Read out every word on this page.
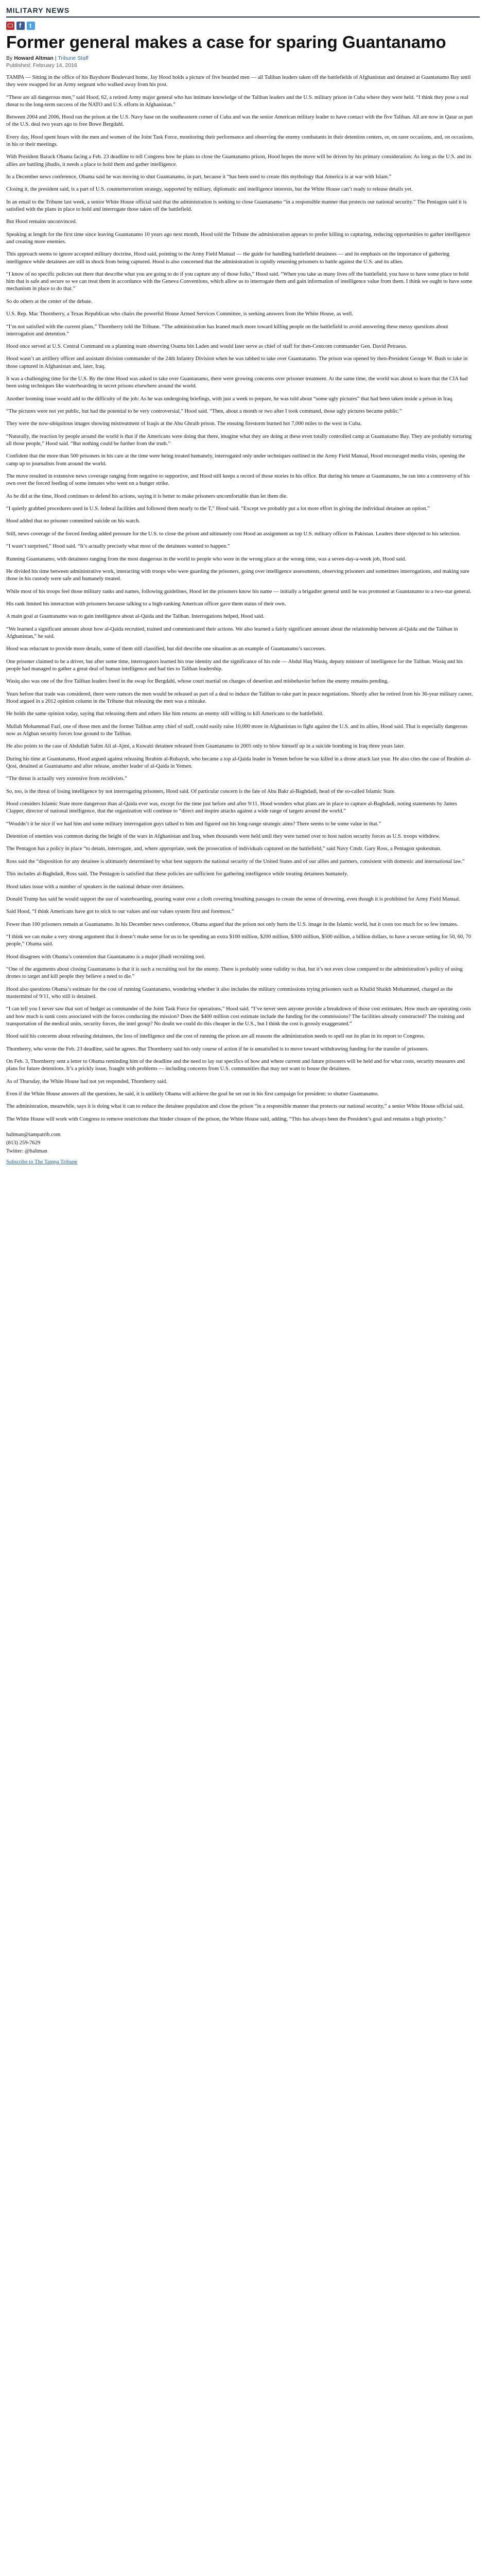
MILITARY NEWS
f
t
Former general makes a case for sparing Guantanamo
By Howard Altman | Tribune Staff
Published: February 14, 2016

TAMPA — Sitting in the office of his Bayshore Boulevard home, Jay Hood holds a picture of five bearded men — all Taliban leaders taken off the battlefields of Afghanistan and detained at Guantanamo Bay until they were swapped for an Army sergeant who walked away from his post.

“These are all dangerous men,” said Hood, 62, a retired Army major general who has intimate knowledge of the Taliban leaders and the U.S. military prison in Cuba where they were held. “I think they pose a real threat to the long-term success of the NATO and U.S. efforts in Afghanistan.”

Between 2004 and 2006, Hood ran the prison at the U.S. Navy base on the southeastern corner of Cuba and was the senior American military leader to have contact with the five Taliban. All are now in Qatar as part of the U.S. deal two years ago to free Bowe Bergdahl.

Every day, Hood spent hours with the men and women of the Joint Task Force, monitoring their performance and observing the enemy combatants in their detention centers, or, on rarer occasions, and, on occasions, in his or their meetings.

With President Barack Obama facing a Feb. 23 deadline to tell Congress how he plans to close the Guantanamo prison, Hood hopes the move will be driven by his primary consideration: As long as the U.S. and its allies are battling jihadis, it needs a place to hold them and gather intelligence.

In a December news conference, Obama said he was moving to shut Guantanamo, in part, because it “has been used to create this mythology that America is at war with Islam.”

Closing it, the president said, is a part of U.S. counterterrorism strategy, supported by military, diplomatic and intelligence interests, but the White House can’t ready to release details yet.

In an email to the Tribune last week, a senior White House official said that the administration is seeking to close Guantanamo “in a responsible manner that protects our national security.” The Pentagon said it is satisfied with the plans in place to hold and interrogate those taken off the battlefield.

But Hood remains unconvinced.

Speaking at length for the first time since leaving Guantanamo 10 years ago next month, Hood told the Tribune the administration appears to prefer killing to capturing, reducing opportunities to gather intelligence and creating more enemies.

This approach seems to ignore accepted military doctrine, Hood said, pointing to the Army Field Manual — the guide for handling battlefield detainees — and its emphasis on the importance of gathering intelligence while detainees are still in shock from being captured. Hood is also concerned that the administration is rapidly returning prisoners to battle against the U.S. and its allies.

“I know of no specific policies out there that describe what you are going to do if you capture any of those folks,” Hood said. “When you take as many lives off the battlefield, you have to have some place to hold him that is safe and secure so we can treat them in accordance with the Geneva Conventions, which allow us to interrogate them and gain information of intelligence value from them. I think we ought to have some mechanism in place to do that.”

So do others at the center of the debate.

U.S. Rep. Mac Thornberry, a Texas Republican who chairs the powerful House Armed Services Committee, is seeking answers from the White House, as well.

“I’m not satisfied with the current plans,” Thornberry told the Tribune. “The administration has leaned much more toward killing people on the battlefield to avoid answering these messy questions about interrogation and detention.”

Hood once served at U.S. Central Command on a planning team observing Osama bin Laden and would later serve as chief of staff for then-Centcom commander Gen. David Petraeus.

Hood wasn’t an artillery officer and assistant division commander of the 24th Infantry Division when he was tabbed to take over Guantanamo. The prison was opened by then-President George W. Bush to take in those captured in Afghanistan and, later, Iraq.

It was a challenging time for the U.S. By the time Hood was asked to take over Guantanamo, there were growing concerns over prisoner treatment. At the same time, the world was about to learn that the CIA had been using techniques like waterboarding in secret prisons elsewhere around the world.

Another looming issue would add to the difficulty of the job: As he was undergoing briefings, with just a week to prepare, he was told about “some ugly pictures” that had been taken inside a prison in Iraq.

“The pictures were not yet public, but had the potential to be very controversial,” Hood said. “Then, about a month or two after I took command, those ugly pictures became public.”

They were the now-ubiquitous images showing mistreatment of Iraqis at the Abu Ghraib prison. The ensuing firestorm burned hot 7,000 miles to the west in Cuba.

“Naturally, the reaction by people around the world is that if the Americans were doing that there, imagine what they are doing at these even totally controlled camp at Guantanamo Bay. They are probably torturing all those people,” Hood said. “But nothing could be further from the truth.”

Confident that the more than 500 prisoners in his care at the time were being treated humanely, interrogated only under techniques outlined in the Army Field Manual, Hood encouraged media visits, opening the camp up to journalists from around the world.

The move resulted in extensive news coverage ranging from negative to supportive, and Hood still keeps a record of those stories in his office. But during his tenure at Guantanamo, he ran into a controversy of his own over the forced feeding of some inmates who went on a hunger strike.

As he did at the time, Hood continues to defend his actions, saying it is better to make prisoners uncomfortable than let them die.

“I quietly grabbed procedures used in U.S. federal facilities and followed them nearly to the T,” Hood said. “Except we probably put a lot more effort in giving the individual detainee an option.”

Hood added that no prisoner committed suicide on his watch.

Still, news coverage of the forced feeding added pressure for the U.S. to close the prison and ultimately cost Hood an assignment as top U.S. military officer in Pakistan. Leaders there objected to his selection.

“I wasn’t surprised,” Hood said. “It’s actually precisely what most of the detainees wanted to happen.”

Running Guantanamo, with detainees ranging from the most dangerous in the world to people who were in the wrong place at the wrong time, was a seven-day-a-week job, Hood said.

He divided his time between administrative work, interacting with troops who were guarding the prisoners, going over intelligence assessments, observing prisoners and sometimes interrogations, and making sure those in his custody were safe and humanely treated.

While most of his troops feel those military ranks and names, following guidelines, Hood let the prisoners know his name — initially a brigadier general until he was promoted at Guantanamo to a two-star general.

His rank limited his interaction with prisoners because talking to a high-ranking American officer gave them status of their own.

A main goal at Guantanamo was to gain intelligence about al-Qaida and the Taliban. Interrogations helped, Hood said.

“We learned a significant amount about how al-Qaida recruited, trained and communicated their actions. We also learned a fairly significant amount about the relationship between al-Qaida and the Taliban in Afghanistan,” he said.

Hood was reluctant to provide more details, some of them still classified, but did describe one situation as an example of Guantanamo’s successes.

One prisoner claimed to be a driver, but after some time, interrogators learned his true identity and the significance of his role — Abdul Haq Wasiq, deputy minister of intelligence for the Taliban. Wasiq and his people had managed to gather a great deal of human intelligence and had ties to Taliban leadership.

Wasiq also was one of the five Taliban leaders freed in the swap for Bergdahl, whose court martial on charges of desertion and misbehavior before the enemy remains pending.

Years before that trade was considered, there were rumors the men would be released as part of a deal to induce the Taliban to take part in peace negotiations. Shortly after he retired from his 36-year military career, Hood argued in a 2012 opinion column in the Tribune that releasing the men was a mistake.

He holds the same opinion today, saying that releasing them and others like him returns an enemy still willing to kill Americans to the battlefield.

Mullah Mohammad Fazl, one of those men and the former Taliban army chief of staff, could easily raise 10,000 more in Afghanistan to fight against the U.S. and its allies, Hood said. That is especially dangerous now as Afghan security forces lose ground to the Taliban.

He also points to the case of Abdullah Salim Ali al-Ajmi, a Kuwaiti detainee released from Guantanamo in 2005 only to blow himself up in a suicide bombing in Iraq three years later.

During his time at Guantanamo, Hood argued against releasing Ibrahim al-Rubaysh, who became a top al-Qaida leader in Yemen before he was killed in a drone attack last year. He also cites the case of Ibrahim al-Qosi, detained at Guantanamo and after release, another leader of al-Qaida in Yemen.

“The threat is actually very extensive from recidivists.”

So, too, is the threat of losing intelligence by not interrogating prisoners, Hood said. Of particular concern is the fate of Abu Bakr al-Baghdadi, head of the so-called Islamic State.

Hood considers Islamic State more dangerous than al-Qaida ever was, except for the time just before and after 9/11. Hood wonders what plans are in place to capture al-Baghdadi, noting statements by James Clapper, director of national intelligence, that the organization will continue to “direct and inspire attacks against a wide range of targets around the world.”

“Wouldn’t it be nice if we had him and some military interrogation guys talked to him and figured out his long-range strategic aims? There seems to be some value in that.”

Detention of enemies was common during the height of the wars in Afghanistan and Iraq, when thousands were held until they were turned over to host nation security forces as U.S. troops withdrew.

The Pentagon has a policy in place “to detain, interrogate, and, where appropriate, seek the prosecution of individuals captured on the battlefield,” said Navy Cmdr. Gary Ross, a Pentagon spokesman.

Ross said the “disposition for any detainee is ultimately determined by what best supports the national security of the United States and of our allies and partners, consistent with domestic and international law.”

This includes al-Baghdadi, Ross said. The Pentagon is satisfied that these policies are sufficient for gathering intelligence while treating detainees humanely.

Hood takes issue with a number of speakers in the national debate over detainees.

Donald Trump has said he would support the use of waterboarding, pouring water over a cloth covering breathing passages to create the sense of drowning, even though it is prohibited for Army Field Manual.

Said Hood, “I think Americans have got to stick to our values and our values system first and foremost.”

Fewer than 100 prisoners remain at Guantanamo. In his December news conference, Obama argued that the prison not only hurts the U.S. image in the Islamic world, but it costs too much for so few inmates.

“I think we can make a very strong argument that it doesn’t make sense for us to be spending an extra $100 million, $200 million, $300 million, $500 million, a billion dollars, to have a secure setting for 50, 60, 70 people,” Obama said.

Hood disagrees with Obama’s contention that Guantanamo is a major jihadi recruiting tool.

“One of the arguments about closing Guantanamo is that it is such a recruiting tool for the enemy. There is probably some validity to that, but it’s not even close compared to the administration’s policy of using drones to target and kill people they believe a need to die.”

Hood also questions Obama’s estimate for the cost of running Guantanamo, wondering whether it also includes the military commissions trying prisoners such as Khalid Shaikh Mohammed, charged as the mastermind of 9/11, who still is detained.

“I can tell you I never saw that sort of budget as commander of the Joint Task Force for operations,” Hood said. “I’ve never seen anyone provide a breakdown of those cost estimates. How much are operating costs and how much is sunk costs associated with the forces conducting the mission? Does the $400 million cost estimate include the funding for the commissions? The facilities already constructed? The training and transportation of the medical units, security forces, the intel group? No doubt we could do this cheaper in the U.S., but I think the cost is grossly exaggerated.”

Hood said his concerns about releasing detainees, the loss of intelligence and the cost of running the prison are all reasons the administration needs to spell out its plan in its report to Congress.

Thornberry, who wrote the Feb. 23 deadline, said he agrees. But Thornberry said his only course of action if he is unsatisfied is to move toward withdrawing funding for the transfer of prisoners.

On Feb. 3, Thornberry sent a letter to Obama reminding him of the deadline and the need to lay out specifics of how and where current and future prisoners will be held and for what costs, security measures and plans for future detentions. It’s a prickly issue, fraught with problems — including concerns from U.S. communities that may not want to house the detainees.

As of Thursday, the White House had not yet responded, Thornberry said.

Even if the White House answers all the questions, he said, it is unlikely Obama will achieve the goal he set out in his first campaign for president: to shutter Guantanamo.

The administration, meanwhile, says it is doing what it can to reduce the detainee population and close the prison “in a responsible manner that protects our national security,” a senior White House official said.

The White House will work with Congress to remove restrictions that hinder closure of the prison, the White House said, adding, “This has always been the President’s goal and remains a high priority.”

haltman@tampatrib.com
(813) 259-7629
Twitter: @haltman
Subscribe to The Tampa Tribune
